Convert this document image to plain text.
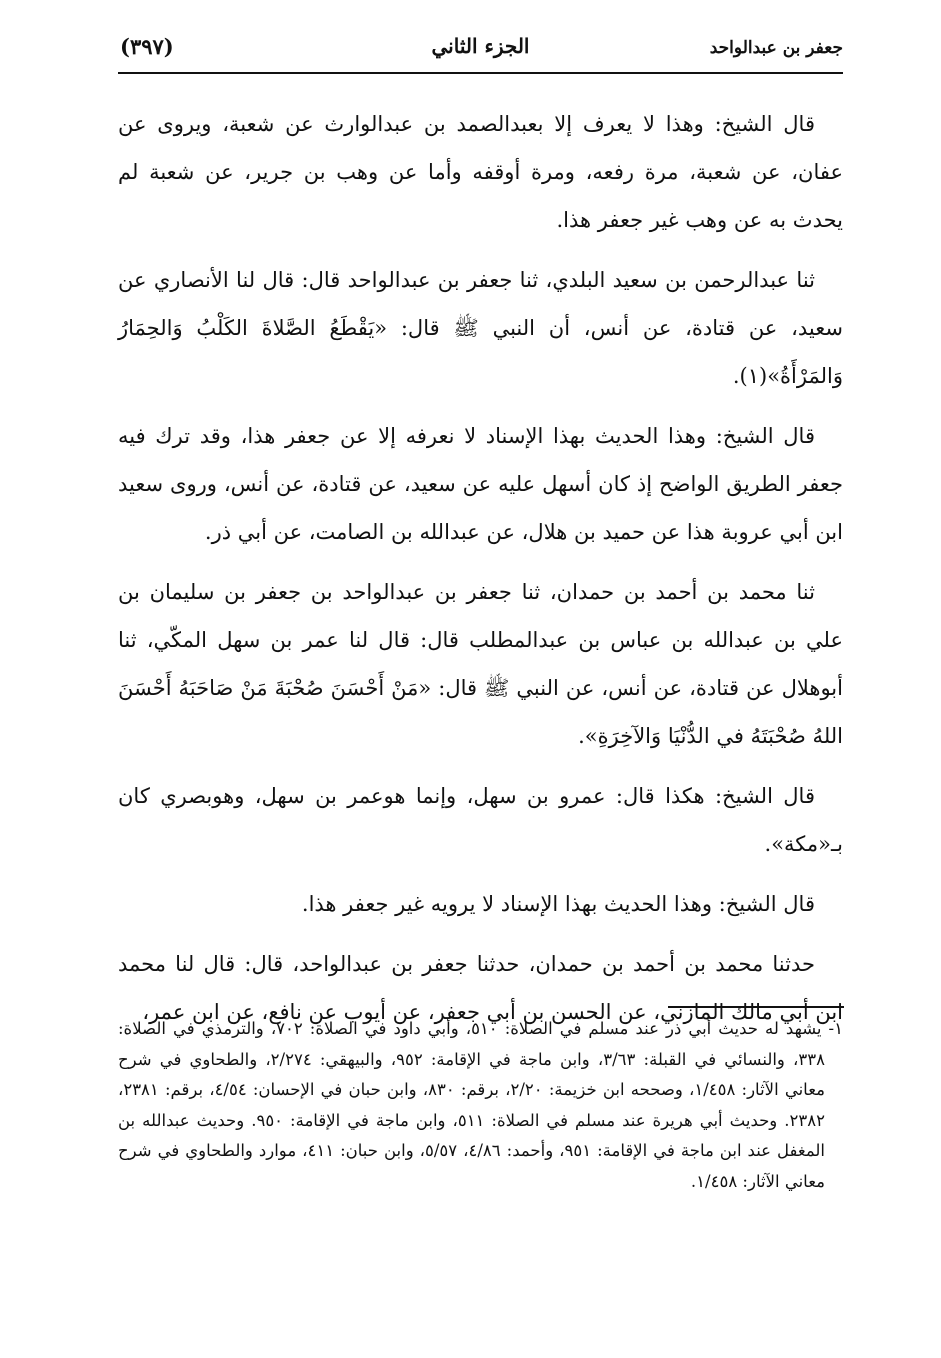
جعفر بن عبدالواحد
الجزء الثاني
(٣٩٧)

قال الشيخ: وهذا لا يعرف إلا بعبدالصمد بن عبدالوارث عن شعبة، ويروى عن عفان، عن شعبة، مرة رفعه، ومرة أوقفه وأما عن وهب بن جرير، عن شعبة لم يحدث به عن وهب غير جعفر هذا.

ثنا عبدالرحمن بن سعيد البلدي، ثنا جعفر بن عبدالواحد قال: قال لنا الأنصاري عن سعيد، عن قتادة، عن أنس، أن النبي ﷺ قال: «يَقْطَعُ الصَّلاةَ الكَلْبُ وَالحِمَارُ وَالمَرْأَةُ»(١).

قال الشيخ: وهذا الحديث بهذا الإسناد لا نعرفه إلا عن جعفر هذا، وقد ترك فيه جعفر الطريق الواضح إذ كان أسهل عليه عن سعيد، عن قتادة، عن أنس، وروى سعيد ابن أبي عروبة هذا عن حميد بن هلال، عن عبدالله بن الصامت، عن أبي ذر.

ثنا محمد بن أحمد بن حمدان، ثنا جعفر بن عبدالواحد بن جعفر بن سليمان بن علي بن عبدالله بن عباس بن عبدالمطلب قال: قال لنا عمر بن سهل المكّي، ثنا أبوهلال عن قتادة، عن أنس، عن النبي ﷺ قال: «مَنْ أَحْسَنَ صُحْبَةَ مَنْ صَاحَبَهُ أَحْسَنَ اللهُ صُحْبَتَهُ في الدُّنْيَا وَالآخِرَةِ».

قال الشيخ: هكذا قال: عمرو بن سهل، وإنما هوعمر بن سهل، وهوبصري كان بـ«مكة».

قال الشيخ: وهذا الحديث بهذا الإسناد لا يرويه غير جعفر هذا.

حدثنا محمد بن أحمد بن حمدان، حدثنا جعفر بن عبدالواحد، قال: قال لنا محمد ابن أبي مالك المازني، عن الحسن بن أبي جعفر، عن أيوب عن نافع، عن ابن عمر،

١- يشهد له حديث أبي ذر عند مسلم في الصلاة: ٥١٠، وأبي داود في الصلاة: ٧٠٢، والترمذي في الصلاة: ٣٣٨، والنسائي في القبلة: ٣/٦٣، وابن ماجة في الإقامة: ٩٥٢، والبيهقي: ٢/٢٧٤، والطحاوي في شرح معاني الآثار: ١/٤٥٨، وصححه ابن خزيمة: ٢/٢٠، برقم: ٨٣٠، وابن حبان في الإحسان: ٤/٥٤، برقم: ٢٣٨١، ٢٣٨٢. وحديث أبي هريرة عند مسلم في الصلاة: ٥١١، وابن ماجة في الإقامة: ٩٥٠. وحديث عبدالله بن المغفل عند ابن ماجة في الإقامة: ٩٥١، وأحمد: ٤/٨٦، ٥/٥٧، وابن حبان: ٤١١، موارد والطحاوي في شرح معاني الآثار: ١/٤٥٨.
